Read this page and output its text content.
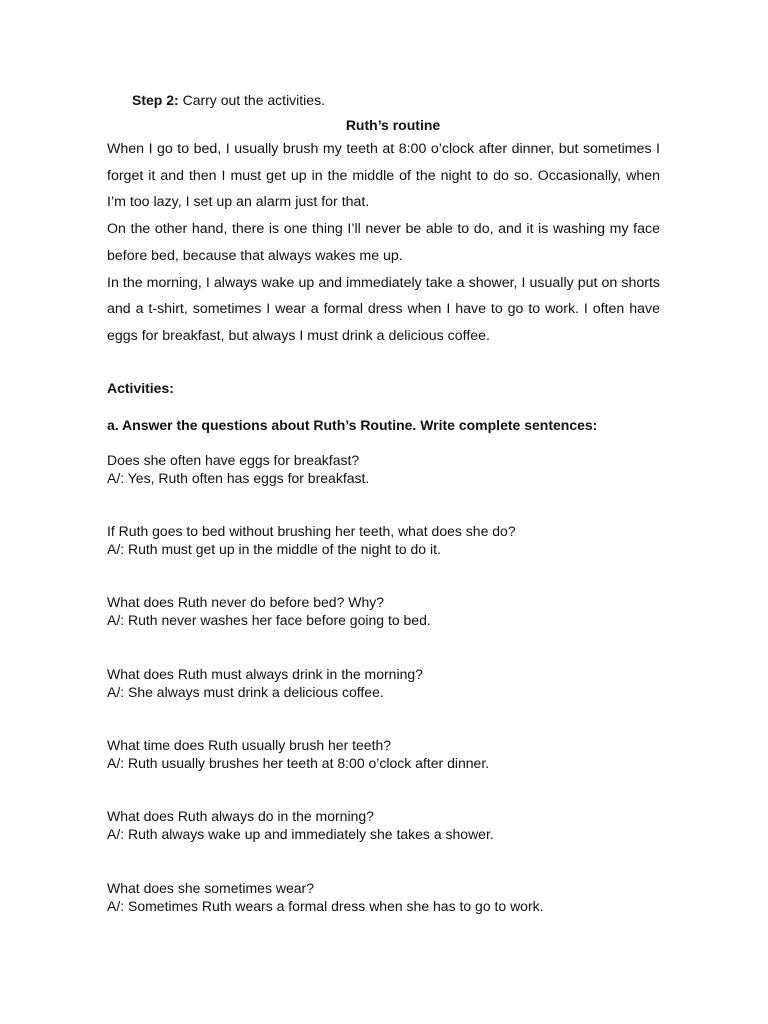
Step 2: Carry out the activities.
Ruth’s routine

When I go to bed, I usually brush my teeth at 8:00 o’clock after dinner, but sometimes I forget it and then I must get up in the middle of the night to do so. Occasionally, when I’m too lazy, I set up an alarm just for that.

On the other hand, there is one thing I’ll never be able to do, and it is washing my face before bed, because that always wakes me up.

In the morning, I always wake up and immediately take a shower, I usually put on shorts and a t-shirt, sometimes I wear a formal dress when I have to go to work. I often have eggs for breakfast, but always I must drink a delicious coffee.

Activities:
a. Answer the questions about Ruth’s Routine. Write complete sentences:
Does she often have eggs for breakfast?
A/: Yes, Ruth often has eggs for breakfast.
If Ruth goes to bed without brushing her teeth, what does she do?
A/: Ruth must get up in the middle of the night to do it.
What does Ruth never do before bed? Why?
A/: Ruth never washes her face before going to bed.
What does Ruth must always drink in the morning?
A/: She always must drink a delicious coffee.
What time does Ruth usually brush her teeth?
A/: Ruth usually brushes her teeth at 8:00 o’clock after dinner.
What does Ruth always do in the morning?
A/: Ruth always wake up and immediately she takes a shower.
What does she sometimes wear?
A/: Sometimes Ruth wears a formal dress when she has to go to work.
